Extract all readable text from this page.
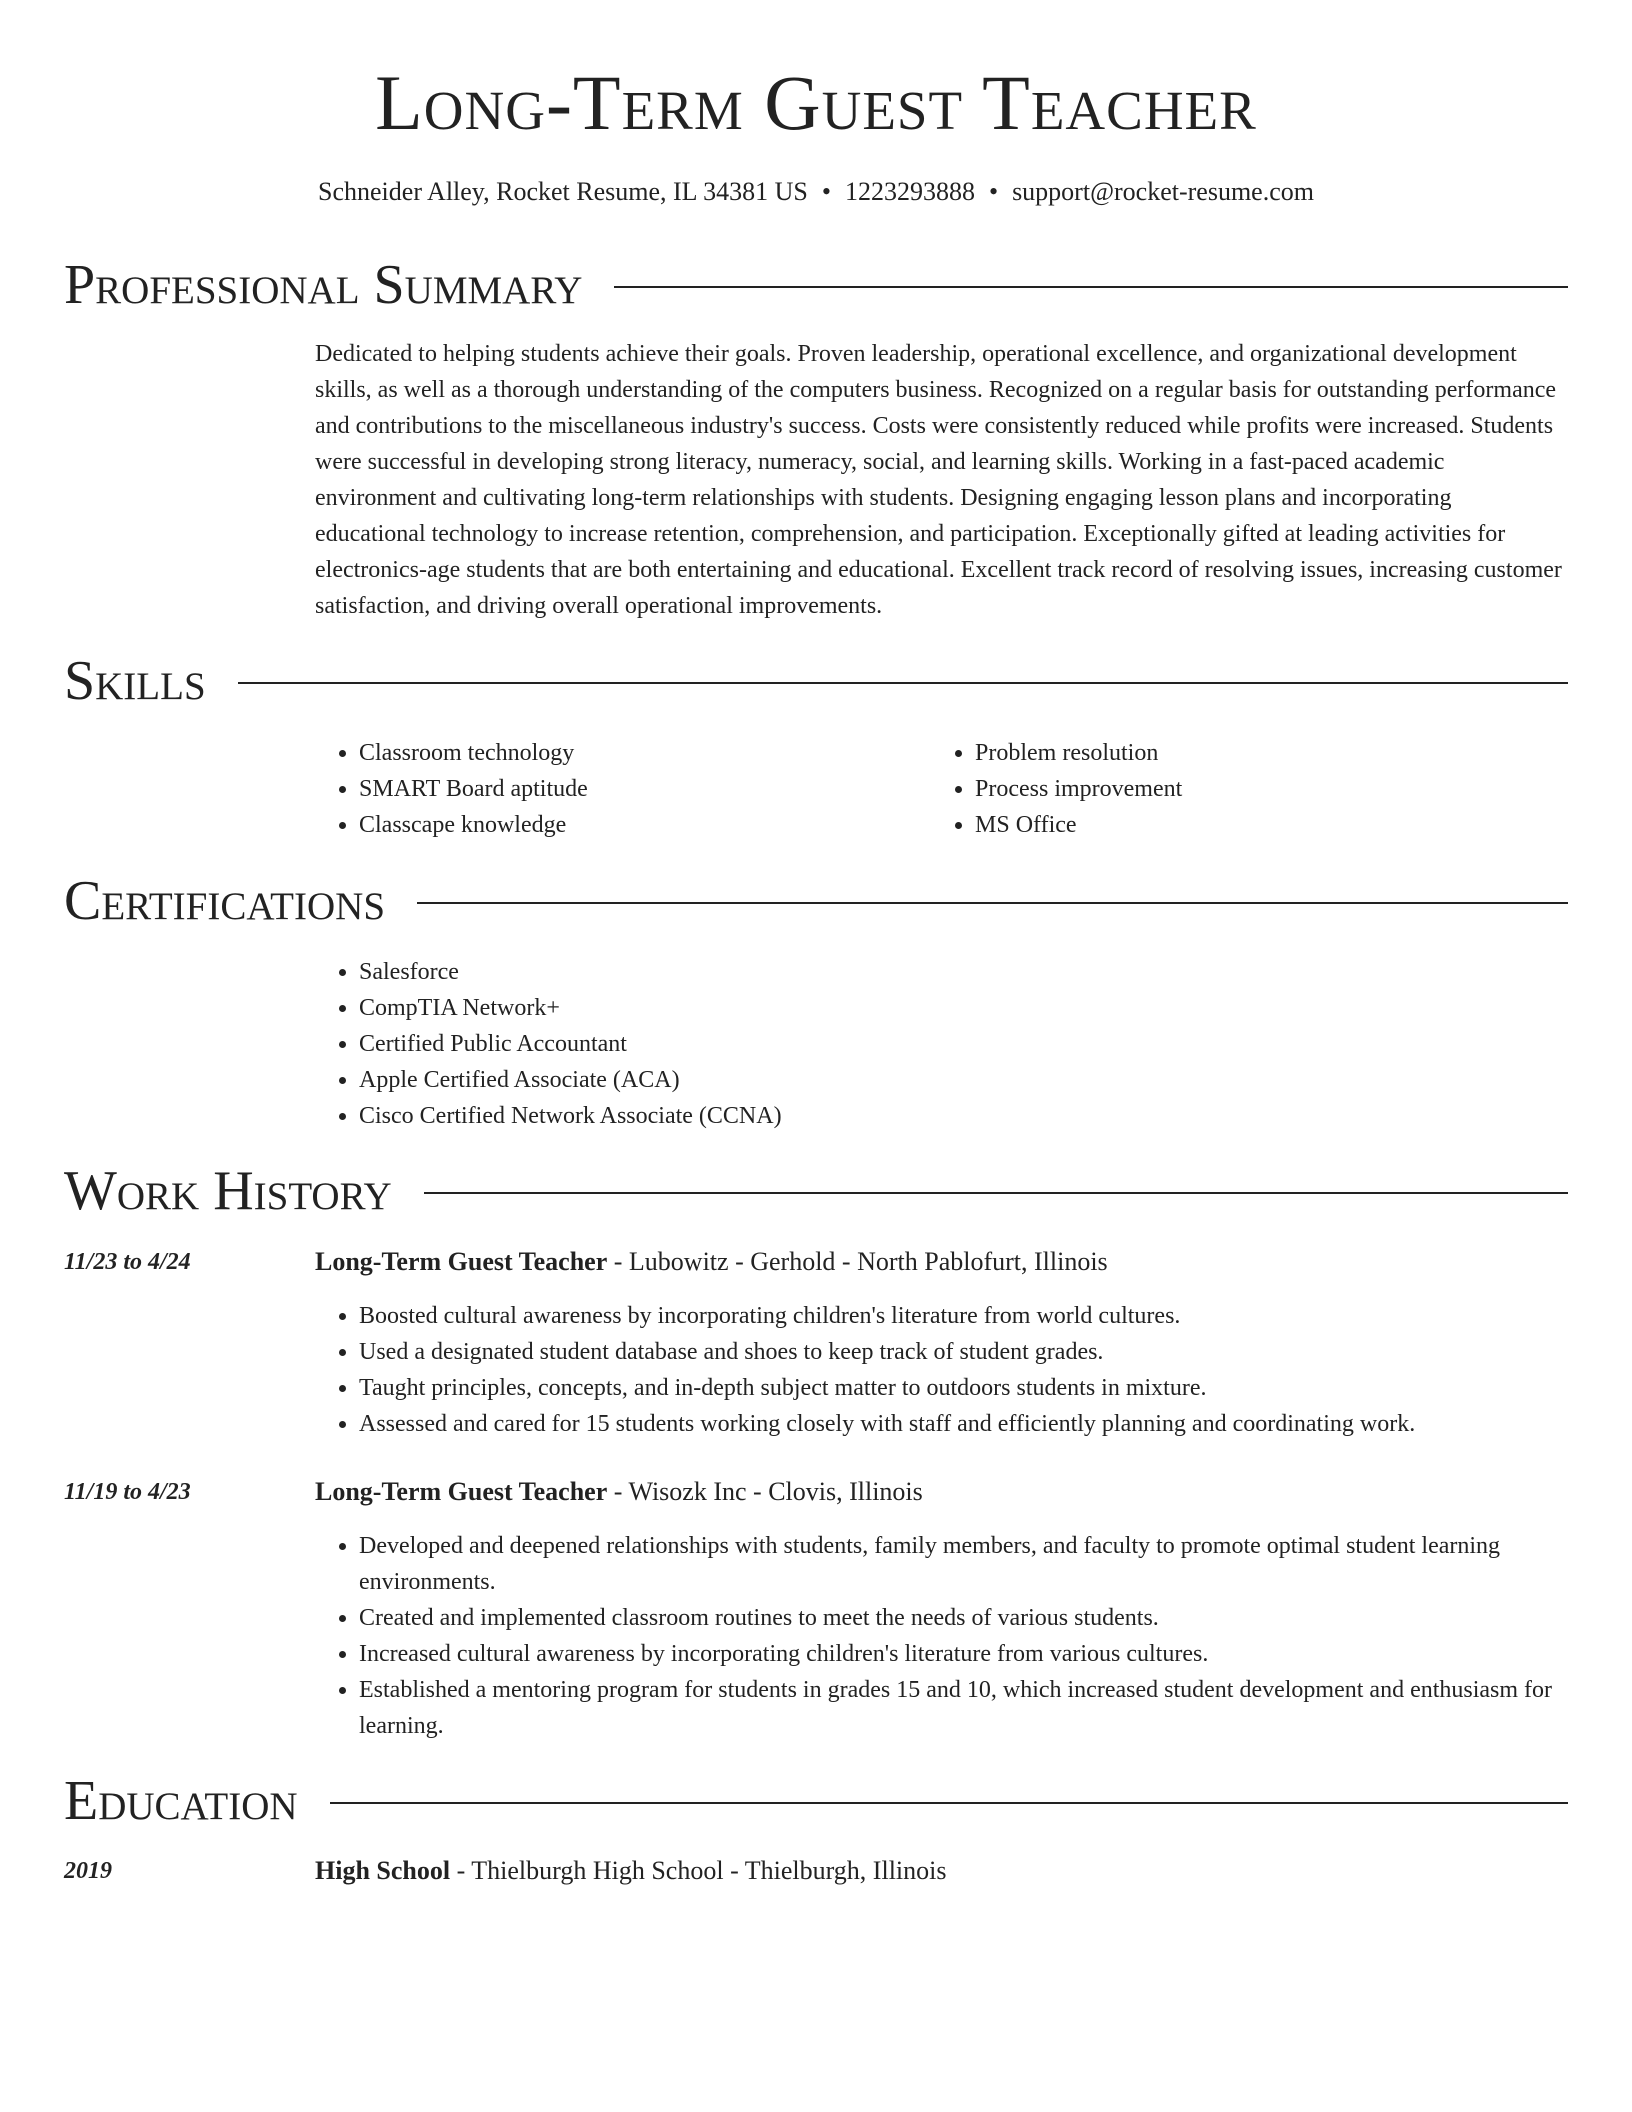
Long-Term Guest Teacher
Schneider Alley, Rocket Resume, IL 34381 US • 1223293888 • support@rocket-resume.com
Professional Summary

Dedicated to helping students achieve their goals. Proven leadership, operational excellence, and organizational development skills, as well as a thorough understanding of the computers business. Recognized on a regular basis for outstanding performance and contributions to the miscellaneous industry's success. Costs were consistently reduced while profits were increased. Students were successful in developing strong literacy, numeracy, social, and learning skills. Working in a fast-paced academic environment and cultivating long-term relationships with students. Designing engaging lesson plans and incorporating educational technology to increase retention, comprehension, and participation. Exceptionally gifted at leading activities for electronics-age students that are both entertaining and educational. Excellent track record of resolving issues, increasing customer satisfaction, and driving overall operational improvements.

Skills
• Classroom technology
• SMART Board aptitude
• Classcape knowledge
• Problem resolution
• Process improvement
• MS Office
Certifications
• Salesforce
• CompTIA Network+
• Certified Public Accountant
• Apple Certified Associate (ACA)
• Cisco Certified Network Associate (CCNA)
Work History
11/23 to 4/24	Long-Term Guest Teacher - Lubowitz - Gerhold - North Pablofurt, Illinois
• Boosted cultural awareness by incorporating children's literature from world cultures.
• Used a designated student database and shoes to keep track of student grades.
• Taught principles, concepts, and in-depth subject matter to outdoors students in mixture.
• Assessed and cared for 15 students working closely with staff and efficiently planning and coordinating work.
11/19 to 4/23	Long-Term Guest Teacher - Wisozk Inc - Clovis, Illinois
• Developed and deepened relationships with students, family members, and faculty to promote optimal student learning environments.
• Created and implemented classroom routines to meet the needs of various students.
• Increased cultural awareness by incorporating children's literature from various cultures.
• Established a mentoring program for students in grades 15 and 10, which increased student development and enthusiasm for learning.
Education
2019	High School - Thielburgh High School - Thielburgh, Illinois
